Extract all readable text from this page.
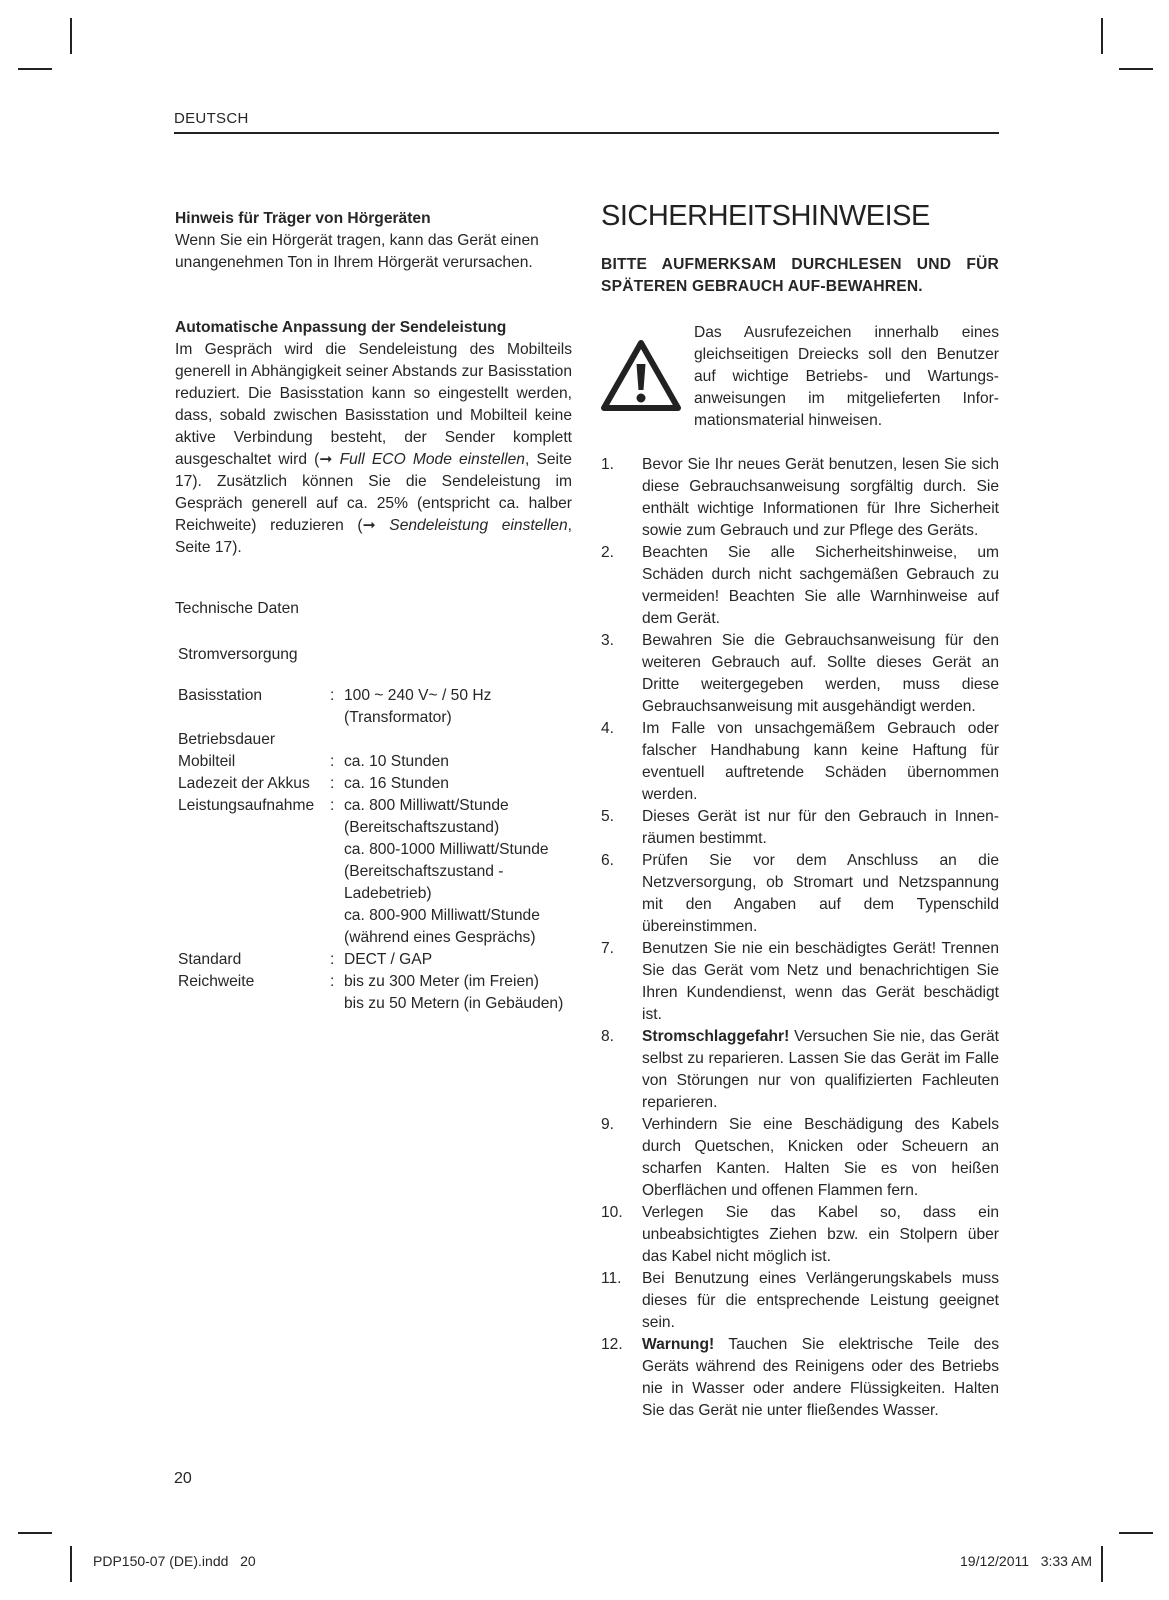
DEUTSCH
Hinweis für Träger von Hörgeräten
Wenn Sie ein Hörgerät tragen, kann das Gerät einen unangenehmen Ton in Ihrem Hörgerät verursachen.
Automatische Anpassung der Sendeleistung
Im Gespräch wird die Sendeleistung des Mobilteils generell in Abhängigkeit seiner Abstands zur Basisstation reduziert. Die Basisstation kann so eingestellt werden, dass, sobald zwischen Basisstation und Mobilteil keine aktive Verbindung besteht, der Sender komplett ausgeschaltet wird (➞ Full ECO Mode einstellen, Seite 17). Zusätzlich können Sie die Sendeleistung im Gespräch generell auf ca. 25% (entspricht ca. halber Reichweite) reduzieren (➞ Sendeleistung einstellen, Seite 17).
Technische Daten
Stromversorgung
Basisstation	:	100 ~ 240 V~ / 50 Hz
		(Transformator)
Betriebsdauer		
Mobilteil	:	ca. 10 Stunden
Ladezeit der Akkus	:	ca. 16 Stunden
Leistungsaufnahme	:	ca. 800 Milliwatt/Stunde
		(Bereitschaftszustand)
		ca. 800-1000 Milliwatt/Stunde
		(Bereitschaftszustand -
		Ladebetrieb)
		ca. 800-900 Milliwatt/Stunde
		(während eines Gesprächs)
Standard	:	DECT / GAP
Reichweite	:	bis zu 300 Meter (im Freien)
		bis zu 50 Metern (in Gebäuden)
SICHERHEITSHINWEISE
BITTE AUFMERKSAM DURCHLESEN UND FÜR SPÄTEREN GEBRAUCH AUF-BEWAHREN.
Das Ausrufezeichen innerhalb eines gleichseitigen Dreiecks soll den Benutzer auf wichtige Betriebs- und Wartungs-anweisungen im mitgelieferten Infor-mationsmaterial hinweisen.
1. Bevor Sie Ihr neues Gerät benutzen, lesen Sie sich diese Gebrauchsanweisung sorgfältig durch. Sie enthält wichtige Informationen für Ihre Sicherheit sowie zum Gebrauch und zur Pflege des Geräts.
2. Beachten Sie alle Sicherheitshinweise, um Schäden durch nicht sachgemäßen Gebrauch zu vermeiden! Beachten Sie alle Warnhinweise auf dem Gerät.
3. Bewahren Sie die Gebrauchsanweisung für den weiteren Gebrauch auf. Sollte dieses Gerät an Dritte weitergegeben werden, muss diese Gebrauchsanweisung mit ausgehändigt werden.
4. Im Falle von unsachgemäßem Gebrauch oder falscher Handhabung kann keine Haftung für eventuell auftretende Schäden übernommen werden.
5. Dieses Gerät ist nur für den Gebrauch in Innen-räumen bestimmt.
6. Prüfen Sie vor dem Anschluss an die Netzversorgung, ob Stromart und Netzspannung mit den Angaben auf dem Typenschild übereinstimmen.
7. Benutzen Sie nie ein beschädigtes Gerät! Trennen Sie das Gerät vom Netz und benachrichtigen Sie Ihren Kundendienst, wenn das Gerät beschädigt ist.
8. Stromschlaggefahr! Versuchen Sie nie, das Gerät selbst zu reparieren. Lassen Sie das Gerät im Falle von Störungen nur von qualifizierten Fachleuten reparieren.
9. Verhindern Sie eine Beschädigung des Kabels durch Quetschen, Knicken oder Scheuern an scharfen Kanten. Halten Sie es von heißen Oberflächen und offenen Flammen fern.
10. Verlegen Sie das Kabel so, dass ein unbeabsichtigtes Ziehen bzw. ein Stolpern über das Kabel nicht möglich ist.
11. Bei Benutzung eines Verlängerungskabels muss dieses für die entsprechende Leistung geeignet sein.
12. Warnung! Tauchen Sie elektrische Teile des Geräts während des Reinigens oder des Betriebs nie in Wasser oder andere Flüssigkeiten. Halten Sie das Gerät nie unter fließendes Wasser.
20
PDP150-07 (DE).indd   20	19/12/2011   3:33 AM
